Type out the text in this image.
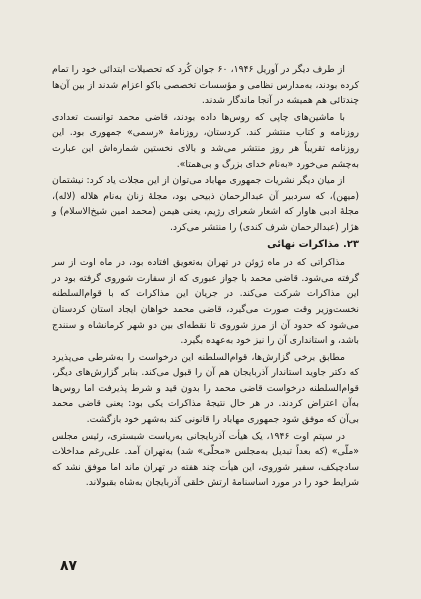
از طرف دیگر در آوریل ۱۹۴۶، ۶۰ جوان کُرد که تحصیلات ابتدائی خود را تمام کرده بودند، به‌مدارس نظامی و مؤسسات تخصصی باکو اعزام شدند از بین آن‌ها چندتائی هم همیشه در آنجا ماندگار شدند.

با ماشین‌های چاپی که روس‌ها داده بودند، قاضی محمد توانست تعدادی روزنامه و کتاب منتشر کند. کردستان، روزنامهٔ «رسمی» جمهوری بود. این روزنامه تقریباً هر روز منتشر می‌شد و بالای نخستین شماره‌اش این عبارت به‌چشم می‌خورد «به‌نام خدای بزرگ و بی‌همتا».

از میان دیگر نشریات جمهوری مهاباد می‌توان از این مجلات یاد کرد: نیشتمان (میهن)، که سردبیر آن عبدالرحمان ذبیحی بود، مجلهٔ زنان به‌نام هلاله (لاله)، مجلهٔ ادبی هاوار که اشعار شعرای رژیم، یعنی هیمن (محمد امین شیخ‌الاسلام) و هژار (عبدالرحمان شرف کندی) را منتشر می‌کرد.

۲۳. مذاکرات نهائی

مذاکراتی که در ماه ژوئن در تهران به‌تعویق افتاده بود، در ماه اوت از سر گرفته می‌شود. قاضی محمد با جواز عبوری که از سفارت شوروی گرفته بود در این مذاکرات شرکت می‌کند. در جریان این مذاکرات که با قوام‌السلطنه نخست‌وزیر وقت صورت می‌گیرد، قاضی محمد خواهان ایجاد استان کردستان می‌شود که حدود آن از مرز شوروی تا نقطه‌ای بین دو شهر کرمانشاه و سنندج باشد، و استانداری آن را نیز خود به‌عهده بگیرد.

مطابق برخی گزارش‌ها، قوام‌السلطنه این درخواست را به‌شرطی می‌پذیرد که دکتر جاوید استاندار آذربایجان هم آن را قبول می‌کند. بنابر گزارش‌های دیگر، قوام‌السلطنه درخواست قاضی محمد را بدون قید و شرط پذیرفت اما روس‌ها به‌آن اعتراض کردند. در هر حال نتیجهٔ مذاکرات یکی بود: یعنی قاضی محمد بی‌آن که موفق شود جمهوری مهاباد را قانونی کند به‌شهر خود بازگشت.

در سپتم اوت ۱۹۴۶، یک هیأت آذربایجانی به‌ریاست شبستری، رئیس مجلس «ملّی» (که بعداً تبدیل به‌مجلس «محلّی» شد) به‌تهران آمد. علی‌رغم مداخلات سادچیکف، سفیر شوروی، این هیأت چند هفته در تهران ماند اما موفق نشد که شرایط خود را در مورد اساسنامهٔ ارتش خلقی آذربایجان به‌شاه بقبولاند.

۸۷
